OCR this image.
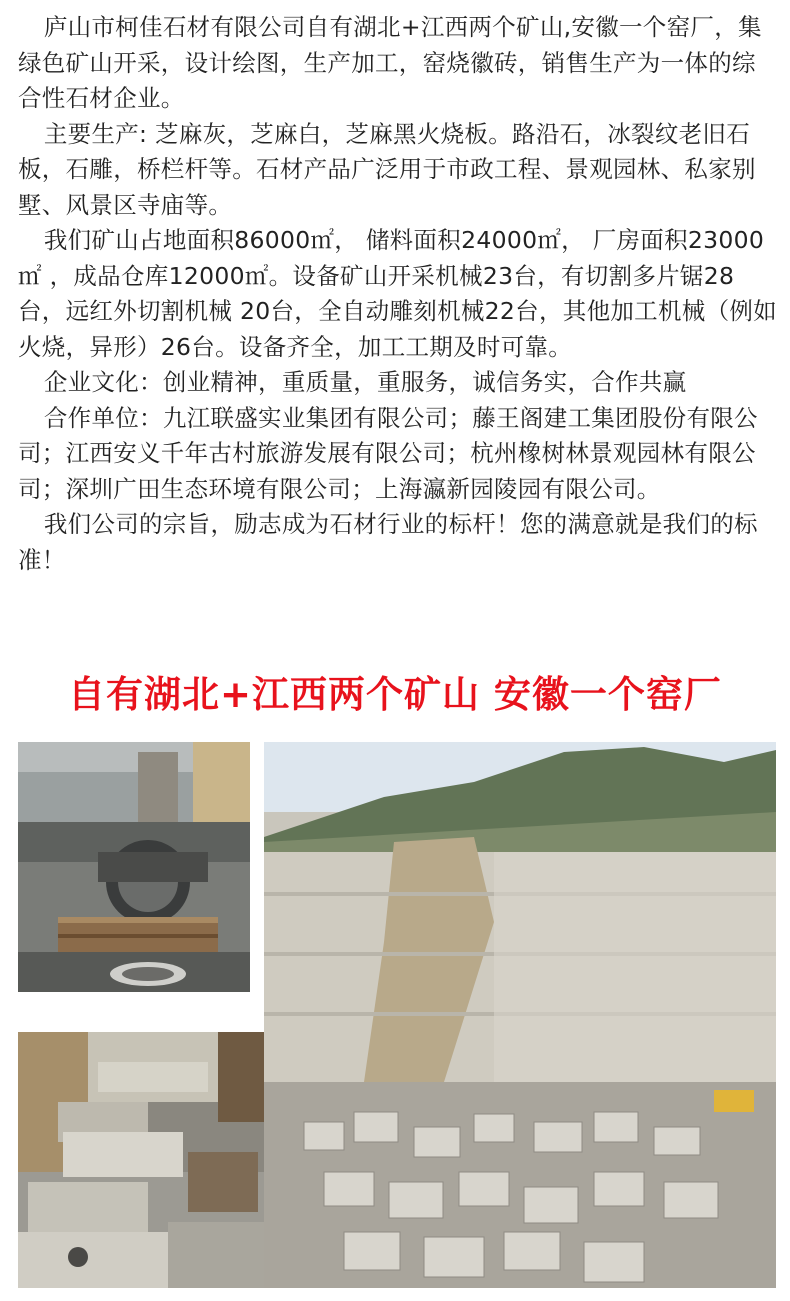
庐山市柯佳石材有限公司自有湖北+江西两个矿山,安徽一个窑厂，集绿色矿山开采，设计绘图，生产加工，窑烧徽砖，销售生产为一体的综合性石材企业。

主要生产: 芝麻灰，芝麻白，芝麻黑火烧板。路沿石，冰裂纹老旧石板，石雕，桥栏杆等。石材产品广泛用于市政工程、景观园林、私家别墅、风景区寺庙等。

我们矿山占地面积86000㎡， 储料面积24000㎡， 厂房面积23000㎡ ，成品仓库12000㎡。设备矿山开采机械23台，有切割多片锯28台，远红外切割机械 20台，全自动雕刻机械22台，其他加工机械（例如火烧，异形）26台。设备齐全，加工工期及时可靠。

企业文化：创业精神，重质量，重服务，诚信务实，合作共赢

合作单位：九江联盛实业集团有限公司；藤王阁建工集团股份有限公司；江西安义千年古村旅游发展有限公司；杭州橡树林景观园林有限公司；深圳广田生态环境有限公司；上海瀛新园陵园有限公司。

我们公司的宗旨，励志成为石材行业的标杆！您的满意就是我们的标准！

自有湖北+江西两个矿山 安徽一个窑厂
